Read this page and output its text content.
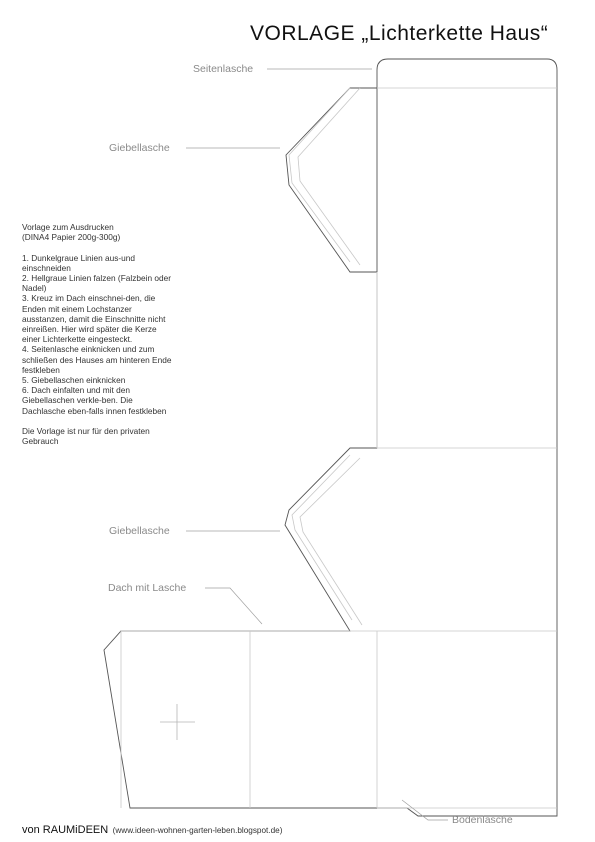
VORLAGE „Lichterkette Haus“
Seitenlasche
Giebellasche
Giebellasche
Dach mit Lasche
Bodenlasche

Vorlage zum Ausdrucken
(DINA4 Papier 200g-300g)

1. Dunkelgraue Linien aus-und einschneiden
2. Hellgraue Linien falzen (Falzbein oder Nadel)
3. Kreuz im Dach einschnei-den, die Enden mit einem Lochstanzer ausstanzen, damit die Einschnitte nicht einreißen. Hier wird später die Kerze einer Lichterkette eingesteckt.
4. Seitenlasche einknicken und zum schließen des Hauses am hinteren Ende festkleben
5. Giebellaschen einknicken
6. Dach einfalten und mit den Giebellaschen verkle-ben. Die Dachlasche eben-falls innen festkleben

Die Vorlage ist nur für den privaten Gebrauch

von RAUMiDEEN (www.ideen-wohnen-garten-leben.blogspot.de)
